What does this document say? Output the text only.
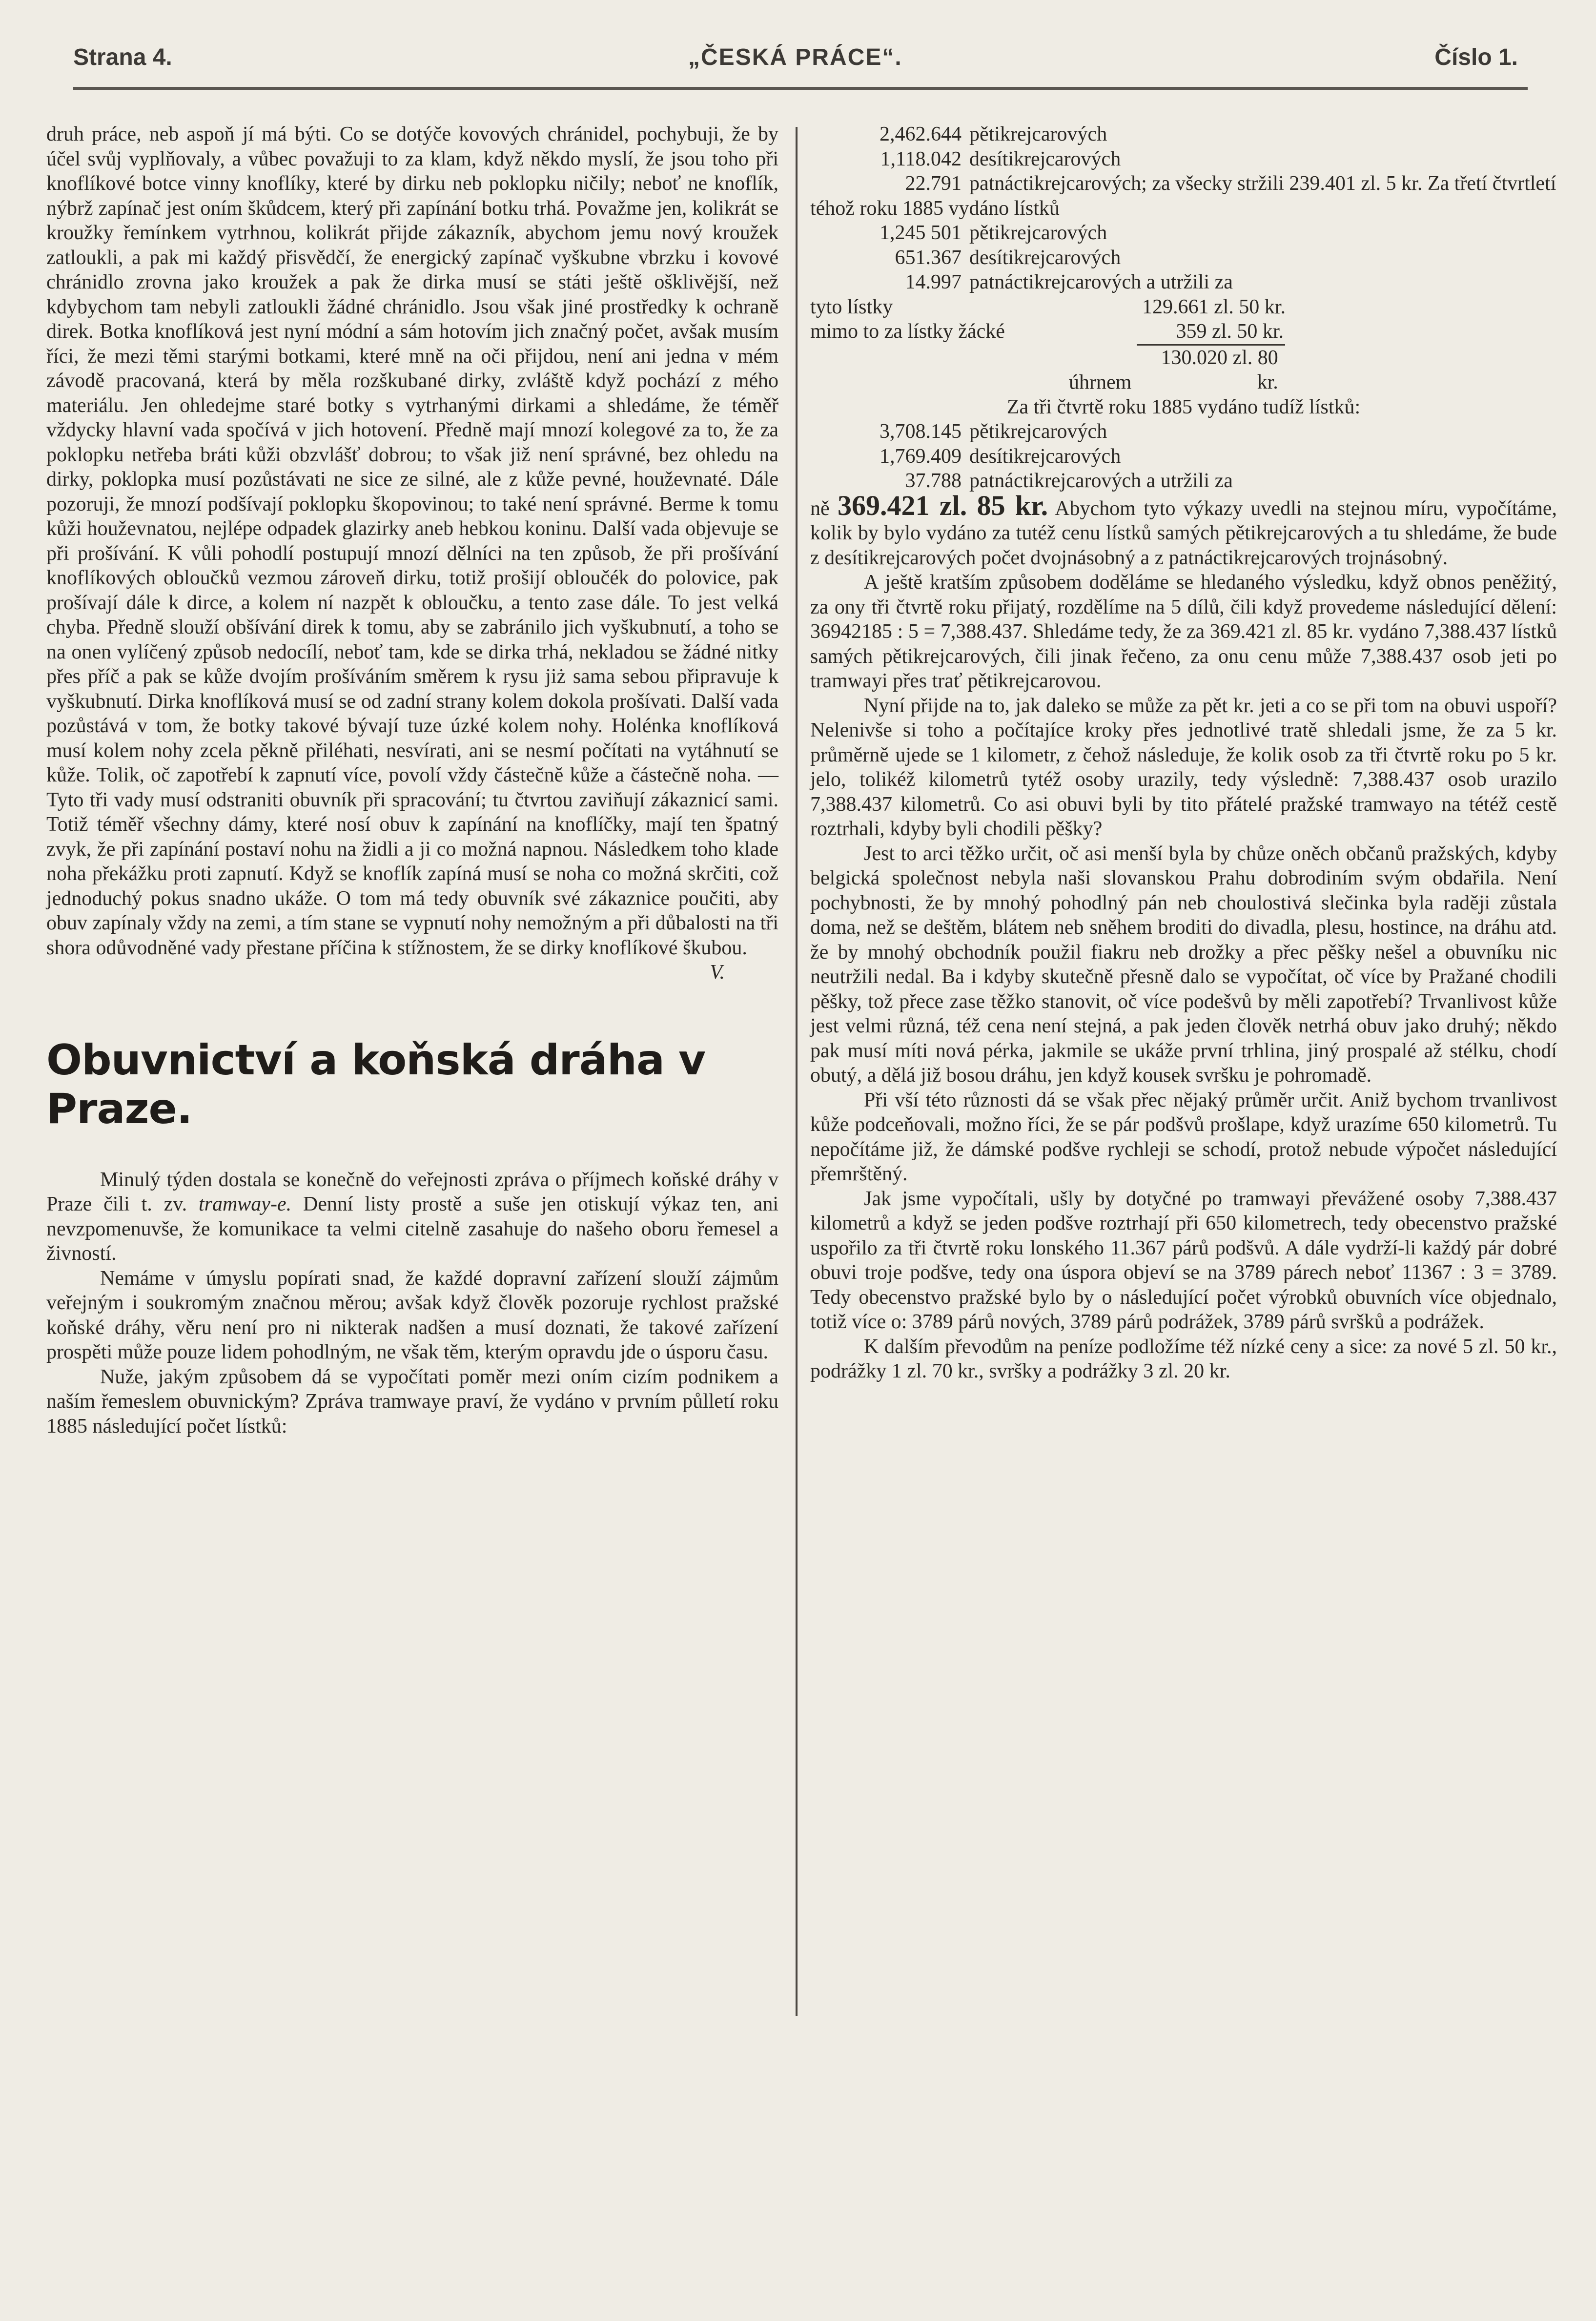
Strana 4.	„ČESKÁ PRÁCE“.	Číslo 1.

druh práce, neb aspoň jí má býti. Co se dotýče kovových chránidel, pochybuji, že by účel svůj vyplňovaly, a vůbec považuji to za klam, když někdo myslí, že jsou toho při knoflíkové botce vinny knoflíky, které by dirku neb poklopku ničily; neboť ne knoflík, nýbrž zapínač jest oním škůdcem, který při zapínání botku trhá. Považme jen, kolikrát se kroužky řemínkem vytrhnou, kolikrát přijde zákazník, abychom jemu nový kroužek zatloukli, a pak mi každý přisvědčí, že energický zapínač vyškubne vbrzku i kovové chránidlo zrovna jako kroužek a pak že dirka musí se státi ještě ošklivější, než kdybychom tam nebyli zatloukli žádné chránidlo. Jsou však jiné prostředky k ochraně direk. Botka knoflíková jest nyní módní a sám hotovím jich značný počet, avšak musím říci, že mezi těmi starými botkami, které mně na oči přijdou, není ani jedna v mém závodě pracovaná, která by měla rozškubané dirky, zvláště když pochází z mého materiálu. Jen ohledejme staré botky s vytrhanými dirkami a shledáme, že téměř vždycky hlavní vada spočívá v jich hotovení. Předně mají mnozí kolegové za to, že za poklopku netřeba bráti kůži obzvlášť dobrou; to však již není správné, bez ohledu na dirky, poklopka musí pozůstávati ne sice ze silné, ale z kůže pevné, houževnaté. Dále pozoruji, že mnozí podšívají poklopku škopovinou; to také není správné. Berme k tomu kůži houževnatou, nejlépe odpadek glazirky aneb hebkou koninu. Další vada objevuje se při prošívání. K vůli pohodlí postupují mnozí dělníci na ten způsob, že při prošívání knoflíkových obloučků vezmou zároveň dirku, totiž prošijí obloučék do polovice, pak prošívají dále k dirce, a kolem ní nazpět k obloučku, a tento zase dále. To jest velká chyba. Předně slouží obšívání direk k tomu, aby se zabránilo jich vyškubnutí, a toho se na onen vylíčený způsob nedocílí, neboť tam, kde se dirka trhá, nekladou se žádné nitky přes příč a pak se kůže dvojím prošíváním směrem k rysu jiż sama sebou připravuje k vyškubnutí. Dirka knoflíková musí se od zadní strany kolem dokola prošívati. Další vada pozůstává v tom, že botky takové bývají tuze úzké kolem nohy. Holénka knoflíková musí kolem nohy zcela pěkně přiléhati, nesvírati, ani se nesmí počítati na vytáhnutí se kůže. Tolik, oč zapotřebí k zapnutí více, povolí vždy částečně kůže a částečně noha. — Tyto tři vady musí odstraniti obuvník při spracování; tu čtvrtou zaviňují zákaznicí sami. Totiž téměř všechny dámy, které nosí obuv k zapínání na knoflíčky, mají ten špatný zvyk, že při zapínání postaví nohu na židli a ji co možná napnou. Následkem toho klade noha překážku proti zapnutí. Když se knoflík zapíná musí se noha co možná skrčiti, což jednoduchý pokus snadno ukáže. O tom má tedy obuvník své zákaznice poučiti, aby obuv zapínaly vždy na zemi, a tím stane se vypnutí nohy nemožným a při důbalosti na tři shora odůvodněné vady přestane příčina k stížnostem, že se dirky knoflíkové škubou.

V.

Obuvnictví a koňská dráha v Praze.

Minulý týden dostala se konečně do veřejnosti zpráva o příjmech koňské dráhy v Praze čili t. zv. tramway-e. Denní listy prostě a suše jen otiskují výkaz ten, ani nevzpomenuvše, že komunikace ta velmi citelně zasahuje do našeho oboru řemesel a živností.

Nemáme v úmyslu popírati snad, že každé dopravní zařízení slouží zájmům veřejným i soukromým značnou měrou; avšak když člověk pozoruje rychlost pražské koňské dráhy, věru není pro ni nikterak nadšen a musí doznati, že takové zařízení prospěti může pouze lidem pohodlným, ne však těm, kterým opravdu jde o úsporu času.

Nuže, jakým způsobem dá se vypočítati poměr mezi oním cizím podnikem a naším řemeslem obuvnickým? Zpráva tramwaye praví, že vydáno v prvním půlletí roku 1885 následující počet lístků:

2,462.644 pětikrejcarových

1,118.042 desítikrejcarových

22.791 patnáctikrejcarových; za všecky stržili 239.401 zl. 5 kr. Za třetí čtvrtletí téhož roku 1885 vydáno lístků

1,245 501 pětikrejcarových

651.367 desítikrejcarových

14.997 patnáctikrejcarových a utržili za

tyto lístky	129.661 zl. 50 kr.

mimo to za lístky žácké	359 zl. 50 kr.

úhrnem 130.020 zl. 80 kr.

Za tři čtvrtě roku 1885 vydáno tudíž lístků:

3,708.145 pětikrejcarových

1,769.409 desítikrejcarových

37.788 patnáctikrejcarových a utržili za

ně 369.421 zl. 85 kr. Abychom tyto výkazy uvedli na stejnou míru, vypočítáme, kolik by bylo vydáno za tutéž cenu lístků samých pětikrejcarových a tu shledáme, že bude z desítikrejcarových počet dvojnásobný a z patnáctikrejcarových trojnásobný.

A ještě kratším způsobem doděláme se hledaného výsledku, když obnos peněžitý, za ony tři čtvrtě roku přijatý, rozdělíme na 5 dílů, čili když provedeme následující dělení: 36942185 : 5 = 7,388.437. Shledáme tedy, že za 369.421 zl. 85 kr. vydáno 7,388.437 lístků samých pětikrejcarových, čili jinak řečeno, za onu cenu může 7,388.437 osob jeti po tramwayi přes trať pětikrejcarovou.

Nyní přijde na to, jak daleko se může za pět kr. jeti a co se při tom na obuvi uspoří? Nelenivše si toho a počítajíce kroky přes jednotlivé tratě shledali jsme, že za 5 kr. průměrně ujede se 1 kilometr, z čehož následuje, že kolik osob za tři čtvrtě roku po 5 kr. jelo, tolikéž kilometrů tytéž osoby urazily, tedy výsledně: 7,388.437 osob urazilo 7,388.437 kilometrů. Co asi obuvi byli by tito přátelé pražské tramwayo na tétéž cestě roztrhali, kdyby byli chodili pěšky?

Jest to arci těžko určit, oč asi menší byla by chůze oněch občanů pražských, kdyby belgická společnost nebyla naši slovanskou Prahu dobrodiním svým obdařila. Není pochybnosti, že by mnohý pohodlný pán neb choulostivá slečinka byla raději zůstala doma, než se deštěm, blátem neb sněhem broditi do divadla, plesu, hostince, na dráhu atd. že by mnohý obchodník použil fiakru neb drožky a přec pěšky nešel a obuvníku nic neutržili nedal. Ba i kdyby skutečně přesně dalo se vypočítat, oč více by Pražané chodili pěšky, tož přece zase těžko stanovit, oč více podešvů by měli zapotřebí? Trvanlivost kůže jest velmi různá, též cena není stejná, a pak jeden člověk netrhá obuv jako druhý; někdo pak musí míti nová pérka, jakmile se ukáže první trhlina, jiný prospalé až stélku, chodí obutý, a dělá již bosou dráhu, jen když kousek svršku je pohromadě.

Při vší této různosti dá se však přec nějaký průměr určit. Aniž bychom trvanlivost kůže podceňovali, možno říci, že se pár podšvů prošlape, když urazíme 650 kilometrů. Tu nepočítáme již, že dámské podšve rychleji se schodí, protož nebude výpočet následující přemrštěný.

Jak jsme vypočítali, ušly by dotyčné po tramwayi převážené osoby 7,388.437 kilometrů a když se jeden podšve roztrhají při 650 kilometrech, tedy obecenstvo pražské uspořilo za tři čtvrtě roku lonského 11.367 párů podšvů. A dále vydrží-li každý pár dobré obuvi troje podšve, tedy ona úspora objeví se na 3789 párech neboť 11367 : 3 = 3789. Tedy obecenstvo pražské bylo by o následující počet výrobků obuvních více objednalo, totiž více o: 3789 párů nových, 3789 párů podrážek, 3789 párů svršků a podrážek.

K dalším převodům na peníze podložíme též nízké ceny a sice: za nové 5 zl. 50 kr., podrážky 1 zl. 70 kr., svršky a podrážky 3 zl. 20 kr.
